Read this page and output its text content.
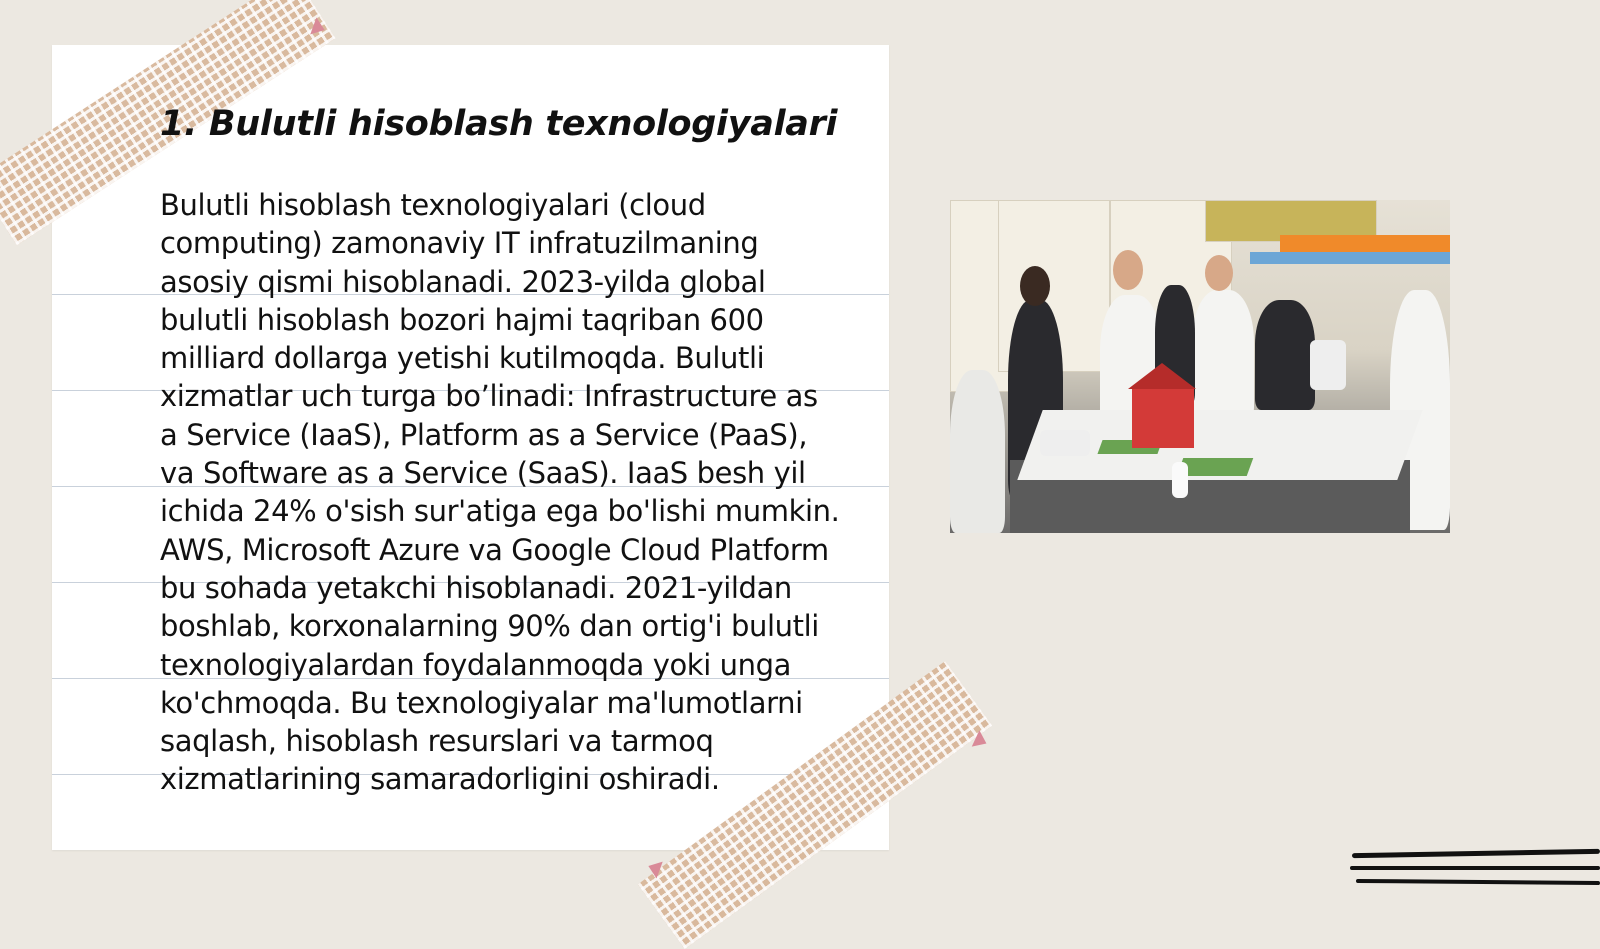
1. Bulutli hisoblash texnologiyalari

Bulutli hisoblash texnologiyalari (cloud computing) zamonaviy IT infratuzilmaning asosiy qismi hisoblanadi. 2023-yilda global bulutli hisoblash bozori hajmi taqriban 600 milliard dollarga yetishi kutilmoqda. Bulutli xizmatlar uch turga bo’linadi: Infrastructure as a Service (IaaS), Platform as a Service (PaaS), va Software as a Service (SaaS). IaaS besh yil ichida 24% o'sish sur'atiga ega bo'lishi mumkin. AWS, Microsoft Azure va Google Cloud Platform bu sohada yetakchi hisoblanadi. 2021-yildan boshlab, korxonalarning 90% dan ortig'i bulutli texnologiyalardan foydalanmoqda yoki unga ko'chmoqda. Bu texnologiyalar ma'lumotlarni saqlash, hisoblash resurslari va tarmoq xizmatlarining samaradorligini oshiradi.
